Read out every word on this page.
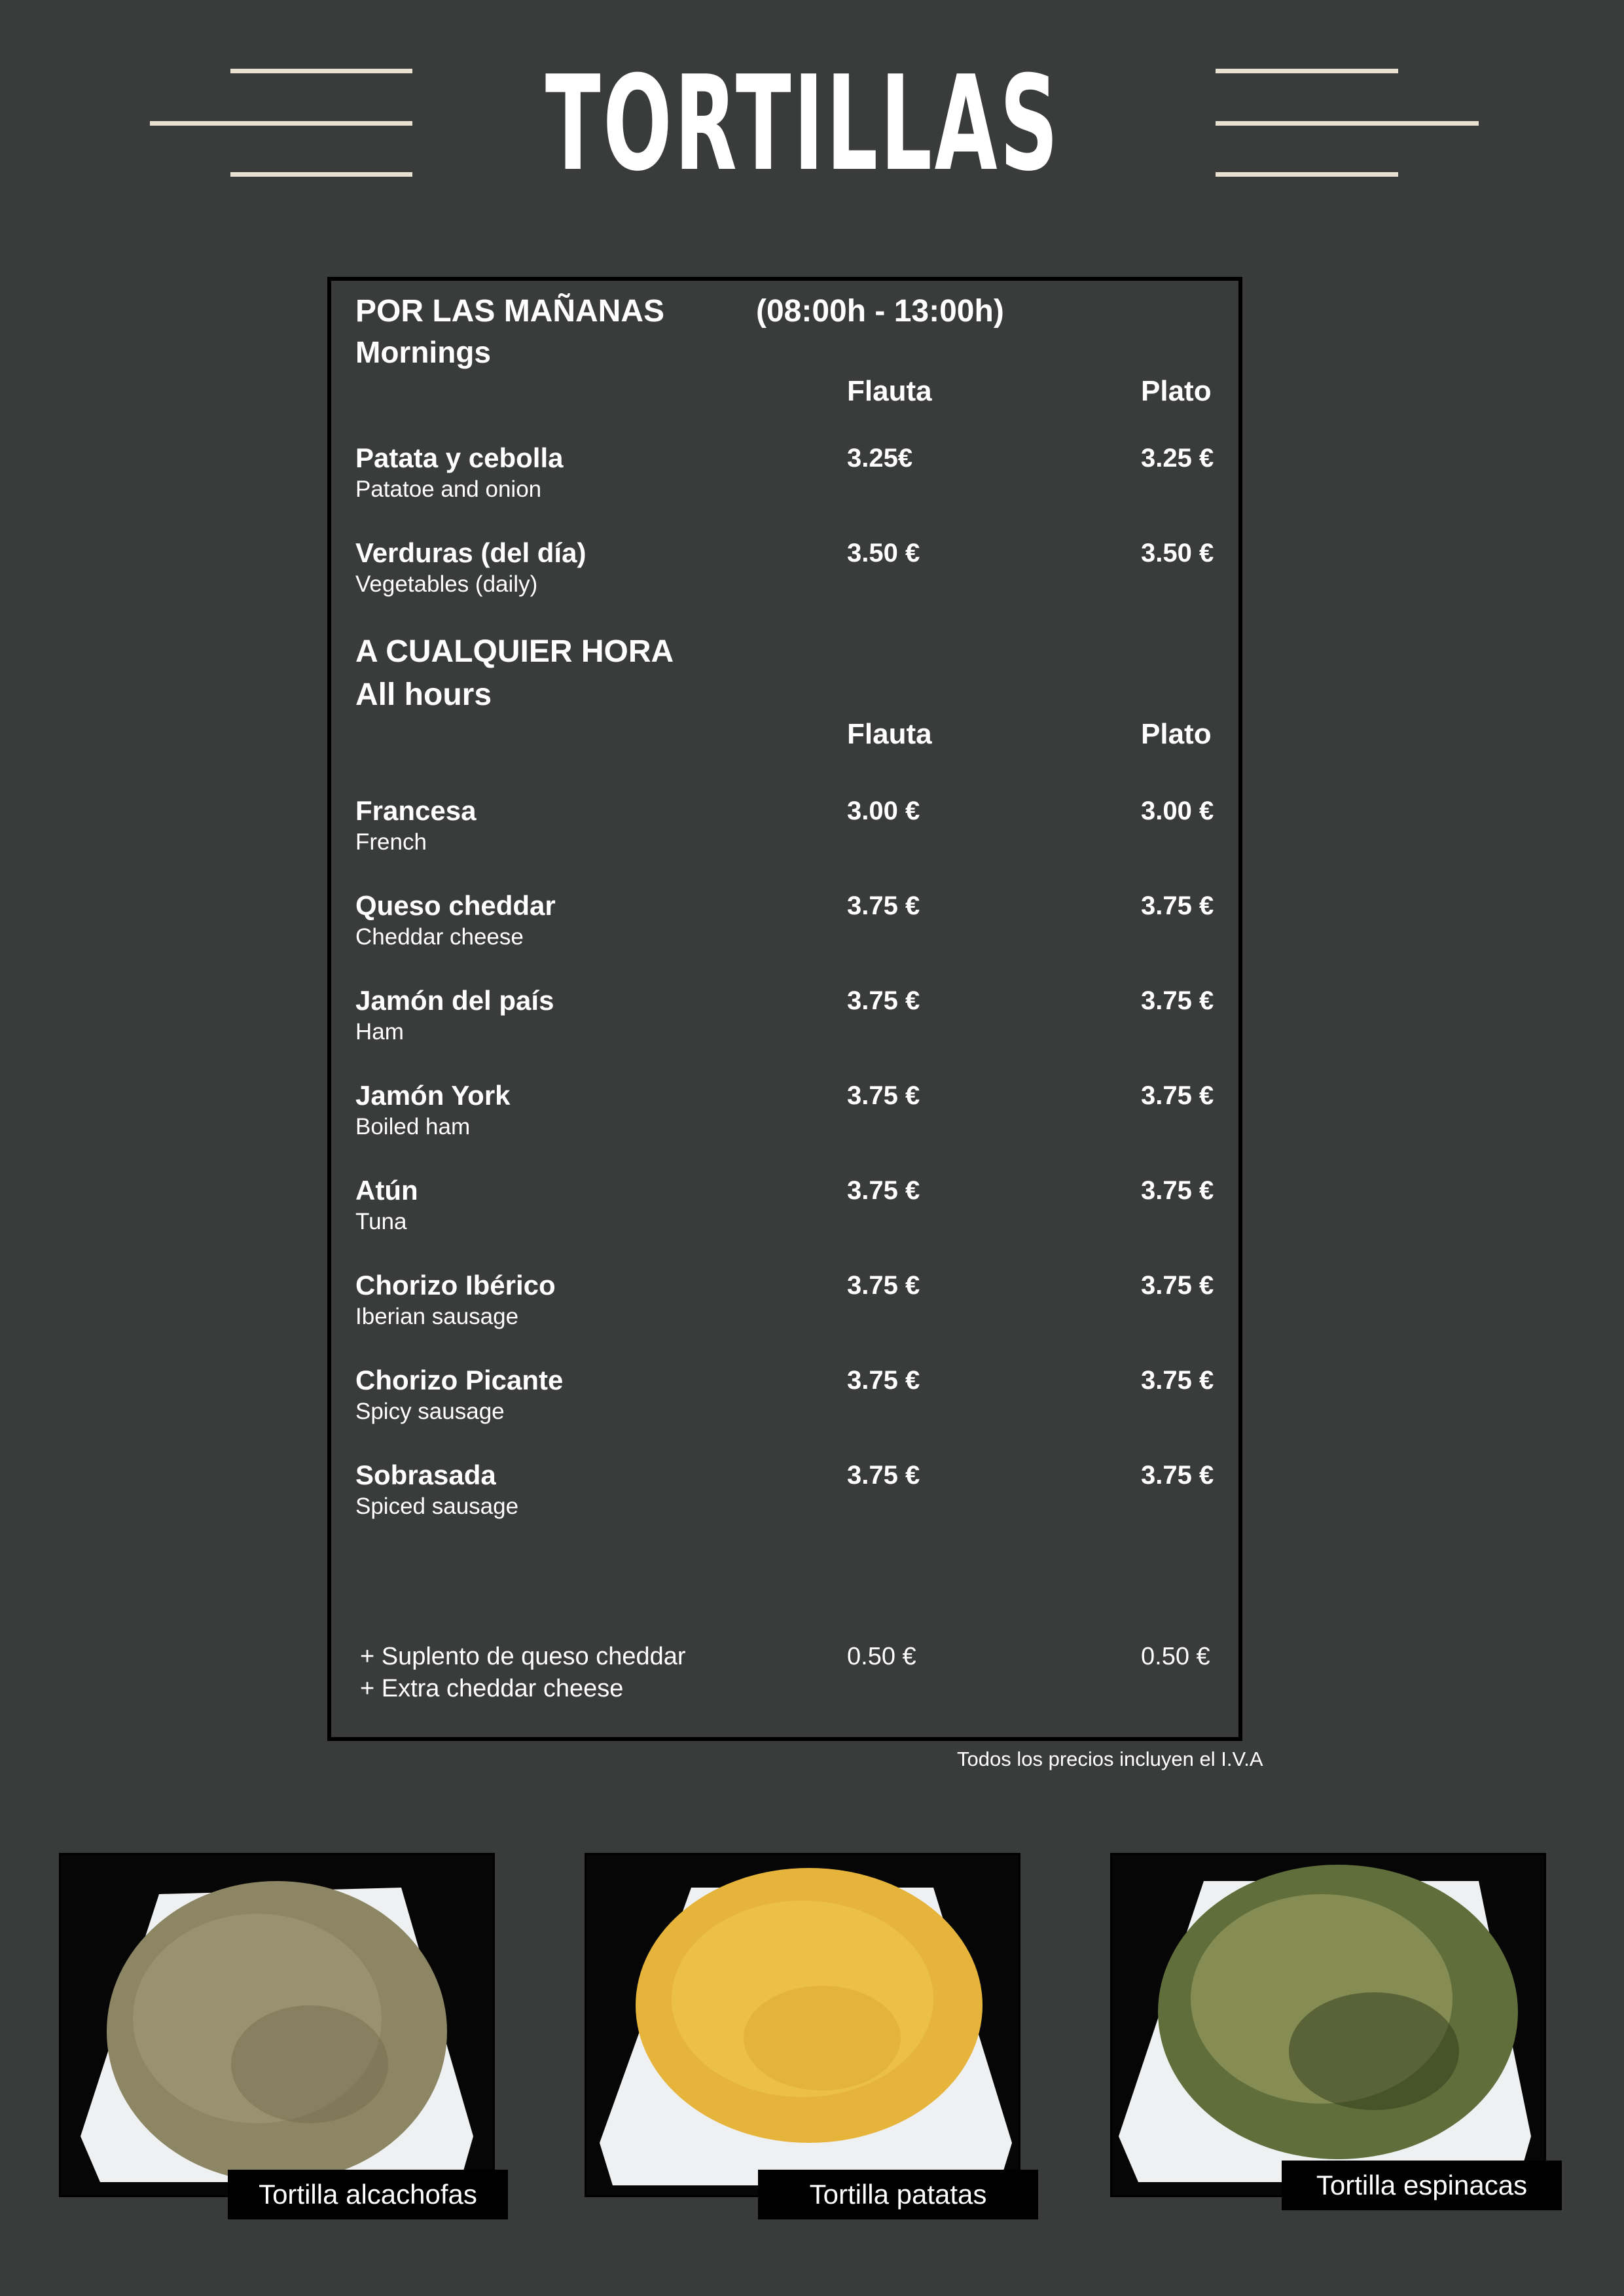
TORTILLAS
POR LAS MAÑANAS	(08:00h - 13:00h)
Mornings
Flauta	Plato
Patata y cebolla
Patatoe and onion
3.25€	3.25 €
Verduras (del día)
Vegetables (daily)
3.50 €	3.50 €
A CUALQUIER HORA
All hours
Flauta	Plato
Francesa
French
3.00 €	3.00 €
Queso cheddar
Cheddar cheese
3.75 €	3.75 €
Jamón del país
Ham
3.75 €	3.75 €
Jamón York
Boiled ham
3.75 €	3.75 €
Atún
Tuna
3.75 €	3.75 €
Chorizo Ibérico
Iberian sausage
3.75 €	3.75 €
Chorizo Picante
Spicy sausage
3.75 €	3.75 €
Sobrasada
Spiced sausage
3.75 €	3.75 €
+ Suplento de queso cheddar
+ Extra cheddar cheese
0.50 €	0.50 €
Todos los precios incluyen el I.V.A
Tortilla alcachofas	Tortilla patatas	Tortilla espinacas
